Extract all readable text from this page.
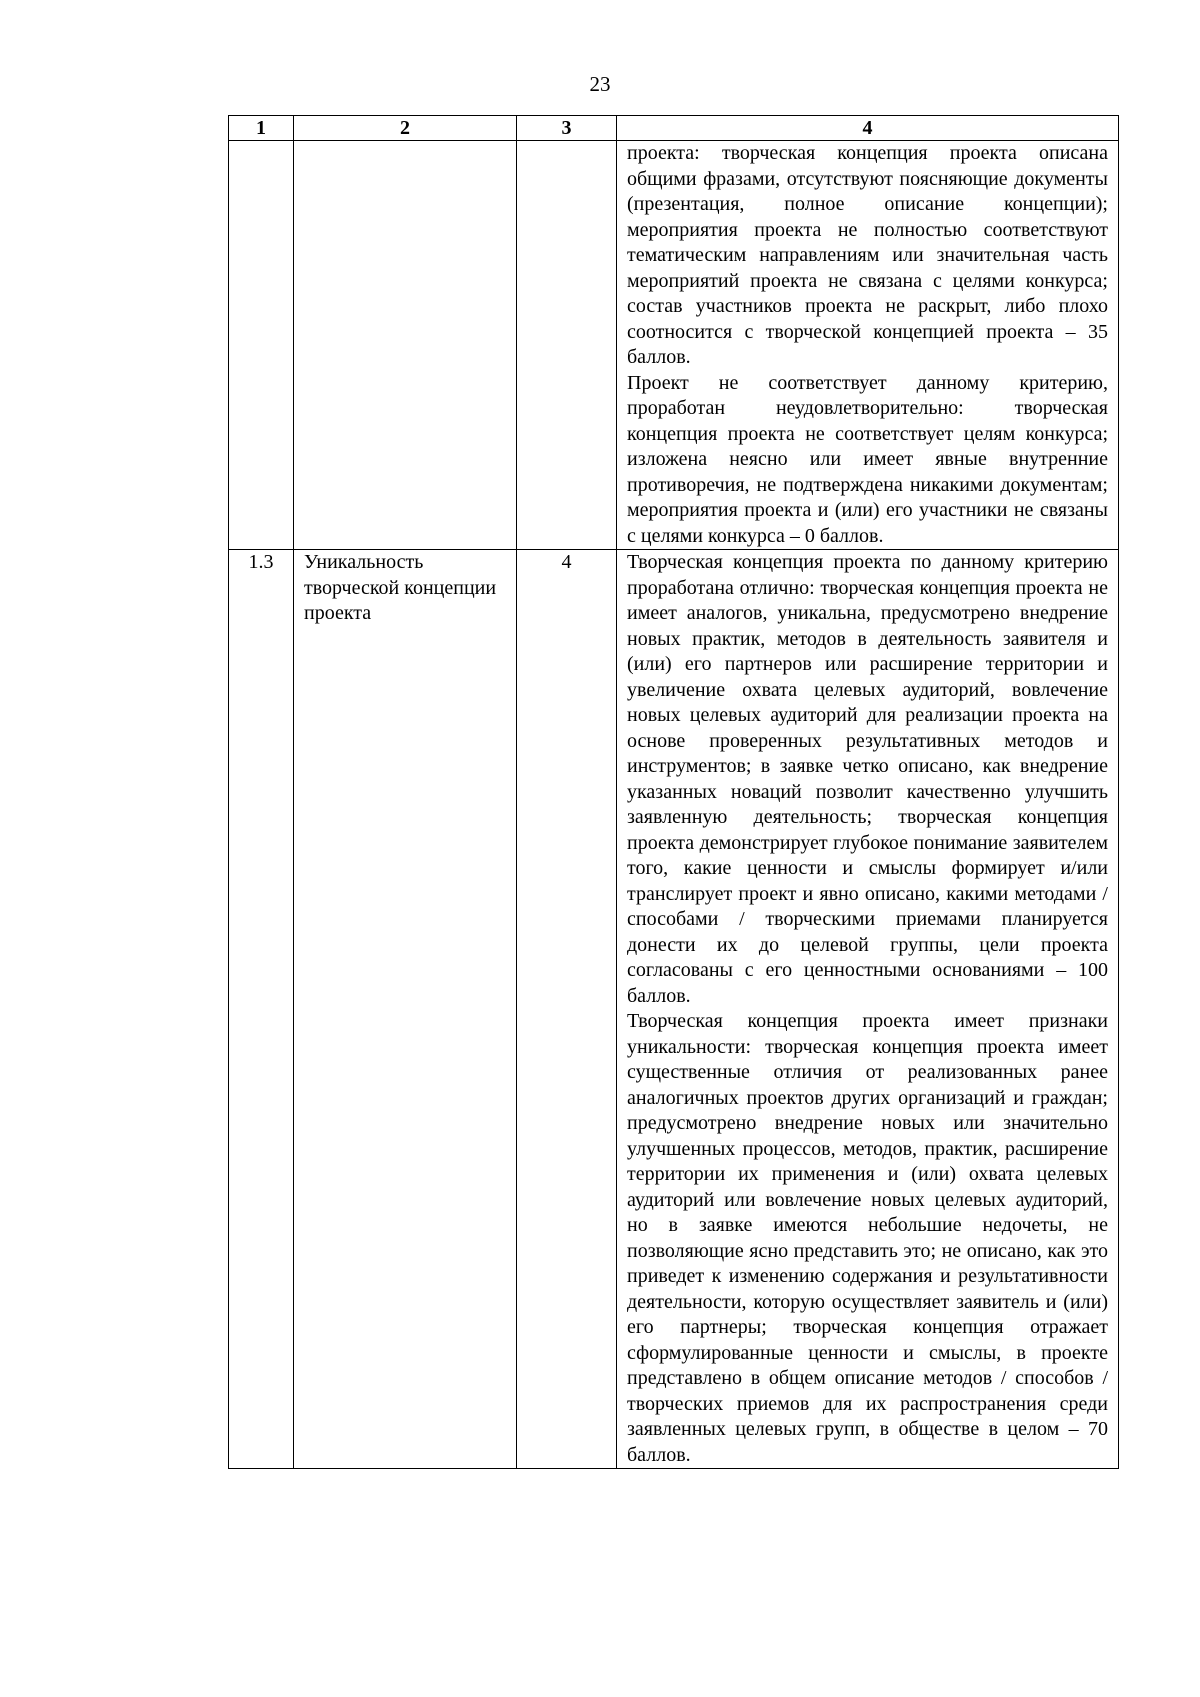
23
1	2	3	4

			проекта: творческая концепция проекта описана общими фразами, отсутствуют поясняющие документы (презентация, полное описание концепции); мероприятия проекта не полностью соответствуют тематическим направлениям или значительная часть мероприятий проекта не связана с целями конкурса; состав участников проекта не раскрыт, либо плохо соотносится с творческой концепцией проекта – 35 баллов.

Проект не соответствует данному критерию, проработан неудовлетворительно: творческая концепция проекта не соответствует целям конкурса; изложена неясно или имеет явные внутренние противоречия, не подтверждена никакими документам; мероприятия проекта и (или) его участники не связаны с целями конкурса – 0 баллов.

1.3	Уникальность творческой концепции проекта	4	Творческая концепция проекта по данному критерию проработана отлично: творческая концепция проекта не имеет аналогов, уникальна, предусмотрено внедрение новых практик, методов в деятельность заявителя и (или) его партнеров или расширение территории и увеличение охвата целевых аудиторий, вовлечение новых целевых аудиторий для реализации проекта на основе проверенных результативных методов и инструментов; в заявке четко описано, как внедрение указанных новаций позволит качественно улучшить заявленную деятельность; творческая концепция проекта демонстрирует глубокое понимание заявителем того, какие ценности и смыслы формирует и/или транслирует проект и явно описано, какими методами / способами / творческими приемами планируется донести их до целевой группы, цели проекта согласованы с его ценностными основаниями – 100 баллов.

Творческая концепция проекта имеет признаки уникальности: творческая концепция проекта имеет существенные отличия от реализованных ранее аналогичных проектов других организаций и граждан; предусмотрено внедрение новых или значительно улучшенных процессов, методов, практик, расширение территории их применения и (или) охвата целевых аудиторий или вовлечение новых целевых аудиторий, но в заявке имеются небольшие недочеты, не позволяющие ясно представить это; не описано, как это приведет к изменению содержания и результативности деятельности, которую осуществляет заявитель и (или) его партнеры; творческая концепция отражает сформулированные ценности и смыслы, в проекте представлено в общем описание методов / способов / творческих приемов для их распространения среди заявленных целевых групп, в обществе в целом – 70 баллов.
